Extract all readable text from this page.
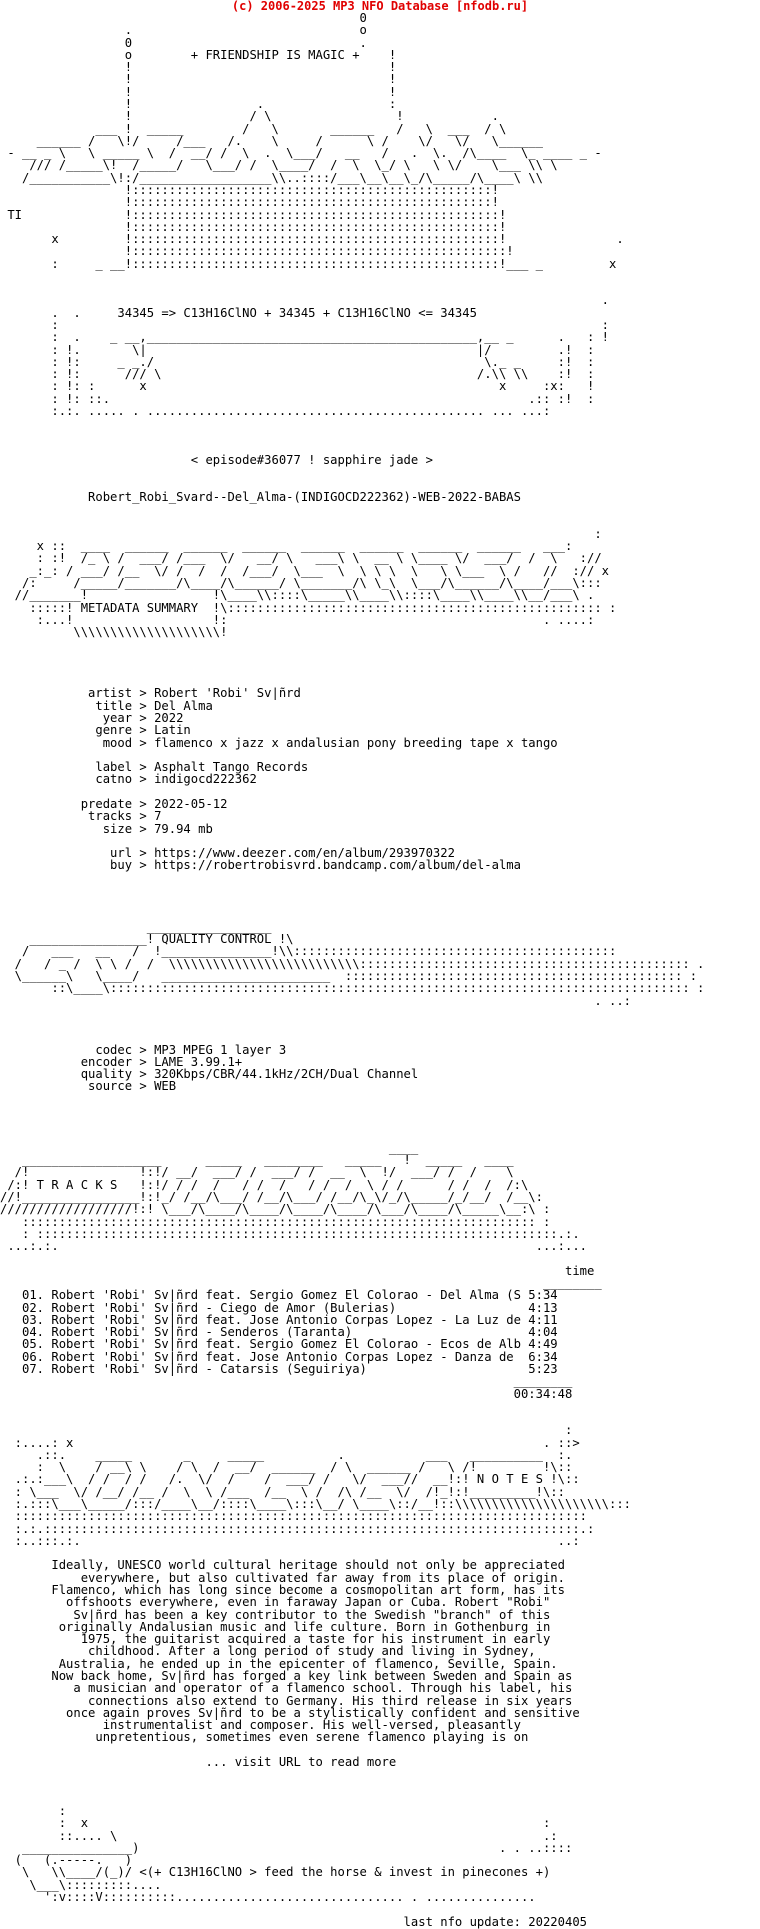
(c) 2006-2025 MP3 NFO Database [nfodb.ru]
0
.                               o
0                               .
o        + FRIENDSHIP IS MAGIC +    !
!                                   !
!                                   !
!                                   !
!                 .                 :
!                / \                 !            .
___ !  _____        /   \       ______   /   \  ___  / \
______ /   \!/     /___   /.    \     /      \ /    \/   \/   \______
- __ _ \   \ _____ \  /  __/ /  \  .  \___/   __   /   .  \.  /\____  \_ ____ _ -
/// /_____\!  /_____/   \___/ /  \____/  /  \  \_/ \   \ \/    \___ \\ \
/___________\!:/__________________\\..::::/___\__\__\_/\_____/\____\ \\
!:::::::::::::::::::::::::::::::::::::::::::::::::!
!:::::::::::::::::::::::::::::::::::::::::::::::::!
TI              !::::::::::::::::::::::::::::::::::::::::::::::::::!
!::::::::::::::::::::::::::::::::::::::::::::::::::!
x         !::::::::::::::::::::::::::::::::::::::::::::::::::!               .
!:::::::::::::::::::::::::::::::::::::::::::::::::::!
:     _ __!::::::::::::::::::::::::::::::::::::::::::::::::::!___ _         x

.
.  .     34345 => C13H16ClNO + 34345 + C13H16ClNO <= 34345
:                                                                          :
:  .    _ __,_____________________________________________,__ _      .   : !
: !.       \|                                             |/         .!  :
: !:     _ _./                                             \._ _     :!  :
: !:      /// \                                           /.\\ \\    :!  :
: !: :      x                                                x     :x:   !
: !: ::.                                                         .:: :!  :
:.:. ..... . .............................................. ... ...:

< episode#36077 ! sapphire jade >

Robert_Robi_Svard--Del_Alma-(INDIGOCD222362)-WEB-2022-BABAS

:
x ::  ____  ______  ______  ______  ______  ______  ______  ______   ___:
: :!  /_ \ /  ___/ /___  \/   __/ \   ___\ \  __ \ \____ \/  ___/  /  \   ://
_:_: / ___/ /__  \/ /  /  /  /___/  \___  \  \ \ \  \   \ \___  \ /   //  :// x
/:     /_____/_______/\____/\______/ \_______/\ \_\  \___/\______/\____/___\:::
//_______!                 !\____\\::::\_____\\____\\::::\____\\____\\__/___\ .
:::::! METADATA SUMMARY  !\::::::::::::::::::::::::::::::::::::::::::::::::::: :
:...!                   !:                                           . ....:
\\\\\\\\\\\\\\\\\\\\!

artist > Robert 'Robi' Sv|ñrd
title > Del Alma
year > 2022
genre > Latin
mood > flamenco x jazz x andalusian pony breeding tape x tango

label > Asphalt Tango Records
catno > indigocd222362

predate > 2022-05-12
tracks > 7
size > 79.94 mb

url > https://www.deezer.com/en/album/293970322
buy > https://robertrobisvrd.bandcamp.com/album/del-alma

_________________
________________! QUALITY CONTROL !\
/   ___   __   /  !_______________!\\::::::::::::::::::::::::::::::::::::::::::::
/   / _ /  \ \ /  /  \\\\\\\\\\\\\\\\\\\\\\\\\\::::::::::::::::::::::::::::::::::::::::::::: .
\______\   \____/   _______________________  :::::::::::::::::::::::::::::::::::::::::::::: :
::\____\::::::::::::::::::::::::::::::::::::::::::::::::::::::::::::::::::::::::::::::: :
. ..:

codec > MP3 MPEG 1 layer 3
encoder > LAME 3.99.1+
quality > 320Kbps/CBR/44.1kHz/2CH/Dual Channel
source > WEB

____
___________________      _____   ________   _____   !  _____   ____
/!               !:!/ __/  ___/ /  ___/ /  __  \  !/  ___/ /  /    \
/:! T R A C K S   !:!/ / /  /   / /  /   / /  /  \ / /      / /  /  /:\
//!________________!:!_/ /__/\___/ /__/\___/ /__/\_\/_/\_____/_/__/  /__\:
//////////////////!:! \___/\____/\____/\____/\____/\___/\____/\_____\__:\ :
:::::::::::::::::::::::::::::::::::::::::::::::::::::::::::::::::::::: :
: :::::::::::::::::::::::::::::::::::::::::::::::::::::::::::::::::::::::.:.
...:.:.                                                                 ...:...

time
________
01. Robert 'Robi' Sv|ñrd feat. Sergio Gomez El Colorao - Del Alma (S 5:34
02. Robert 'Robi' Sv|ñrd - Ciego de Amor (Bulerias)                  4:13
03. Robert 'Robi' Sv|ñrd feat. Jose Antonio Corpas Lopez - La Luz de 4:11
04. Robert 'Robi' Sv|ñrd - Senderos (Taranta)                        4:04
05. Robert 'Robi' Sv|ñrd feat. Sergio Gomez El Colorao - Ecos de Alb 4:49
06. Robert 'Robi' Sv|ñrd feat. Jose Antonio Corpas Lopez - Danza de  6:34
07. Robert 'Robi' Sv|ñrd - Catarsis (Seguiriya)                      5:23
________
00:34:48

:
:....: x                                                                . ::>
.::.    _____       _     _____          .           ___   __________  :.
:  \    / __\ \    / \  /  __/  ______  / \  ______ /   \ /!         !\::
.:.:___\  / /  / /   /.  \/  /    /  ___/ /   \/  ___//  __!:! N O T E S !\::
: \___  \/ /__/ /__ /  \  \ /___  /__  \ /  /\ /__  \/  /!_!:!_________!\::
:.:::\___\_____/:::/____\__/::::\____\:::\__/ \____\::/__!::\\\\\\\\\\\\\\\\\\\\\:::
::::::::::::::::::::::::::::::::::::::::::::::::::::::::::::::::::::::::::::::
:.:.:::::::::::::::::::::::::::::::::::::::::::::::::::::::::::::::::::::::::.:
:..:::.:.                                                                 ..:

Ideally, UNESCO world cultural heritage should not only be appreciated
everywhere, but also cultivated far away from its place of origin.
Flamenco, which has long since become a cosmopolitan art form, has its
offshoots everywhere, even in faraway Japan or Cuba. Robert "Robi"
Sv|ñrd has been a key contributor to the Swedish "branch" of this
originally Andalusian music and life culture. Born in Gothenburg in
1975, the guitarist acquired a taste for his instrument in early
childhood. After a long period of study and living in Sydney,
Australia, he ended up in the epicenter of flamenco, Seville, Spain.
Now back home, Sv|ñrd has forged a key link between Sweden and Spain as
a musician and operator of a flamenco school. Through his label, his
connections also extend to Germany. His third release in six years
once again proves Sv|ñrd to be a stylistically confident and sensitive
instrumentalist and composer. His well-versed, pleasantly
unpretentious, sometimes even serene flamenco playing is on

... visit URL to read more

:
:  x                                                              :
::.... \                                                          .:
_______________)                                                 . . ..::::
(   (.-----.   )
\   \\____/(_)/ <(+ C13H16ClNO > feed the horse & invest in pinecones +)
\___\:::::::::....
':v::::V::::::::::............................... . ...............

last nfo update: 20220405
